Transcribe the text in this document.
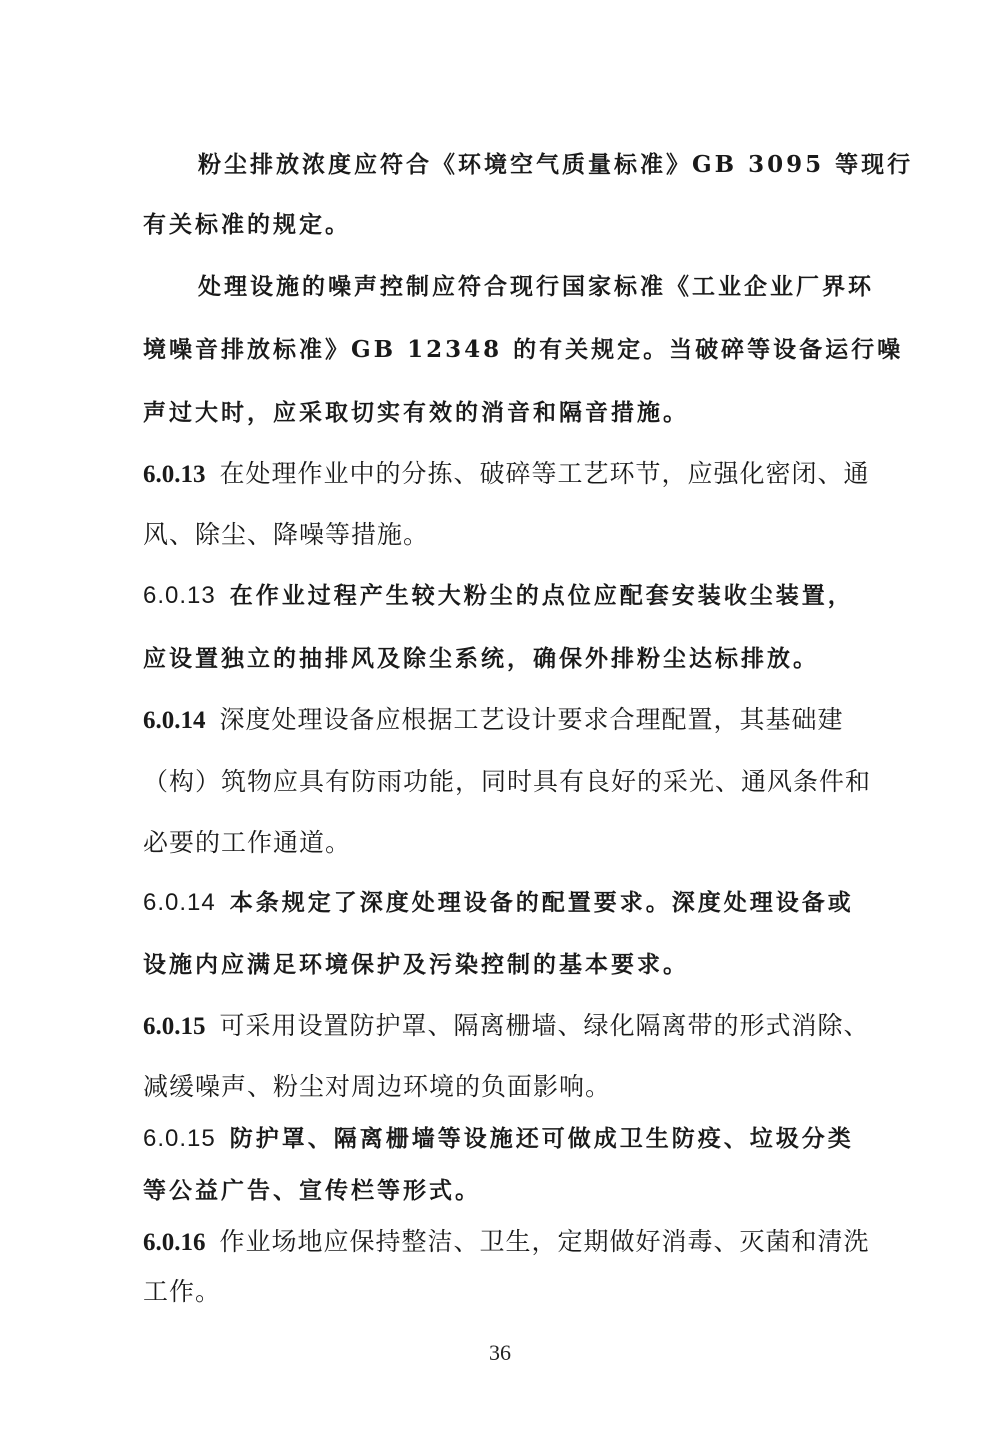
粉尘排放浓度应符合《环境空气质量标准》GB 3095 等现行
有关标准的规定。
处理设施的噪声控制应符合现行国家标准《工业企业厂界环
境噪音排放标准》GB 12348 的有关规定。当破碎等设备运行噪
声过大时，应采取切实有效的消音和隔音措施。
6.0.13 在处理作业中的分拣、破碎等工艺环节，应强化密闭、通
风、除尘、降噪等措施。
6.0.13 在作业过程产生较大粉尘的点位应配套安装收尘装置，
应设置独立的抽排风及除尘系统，确保外排粉尘达标排放。
6.0.14 深度处理设备应根据工艺设计要求合理配置，其基础建
（构）筑物应具有防雨功能，同时具有良好的采光、通风条件和
必要的工作通道。
6.0.14 本条规定了深度处理设备的配置要求。深度处理设备或
设施内应满足环境保护及污染控制的基本要求。
6.0.15 可采用设置防护罩、隔离栅墙、绿化隔离带的形式消除、
减缓噪声、粉尘对周边环境的负面影响。
6.0.15 防护罩、隔离栅墙等设施还可做成卫生防疫、垃圾分类
等公益广告、宣传栏等形式。
6.0.16 作业场地应保持整洁、卫生，定期做好消毒、灭菌和清洗
工作。
36
